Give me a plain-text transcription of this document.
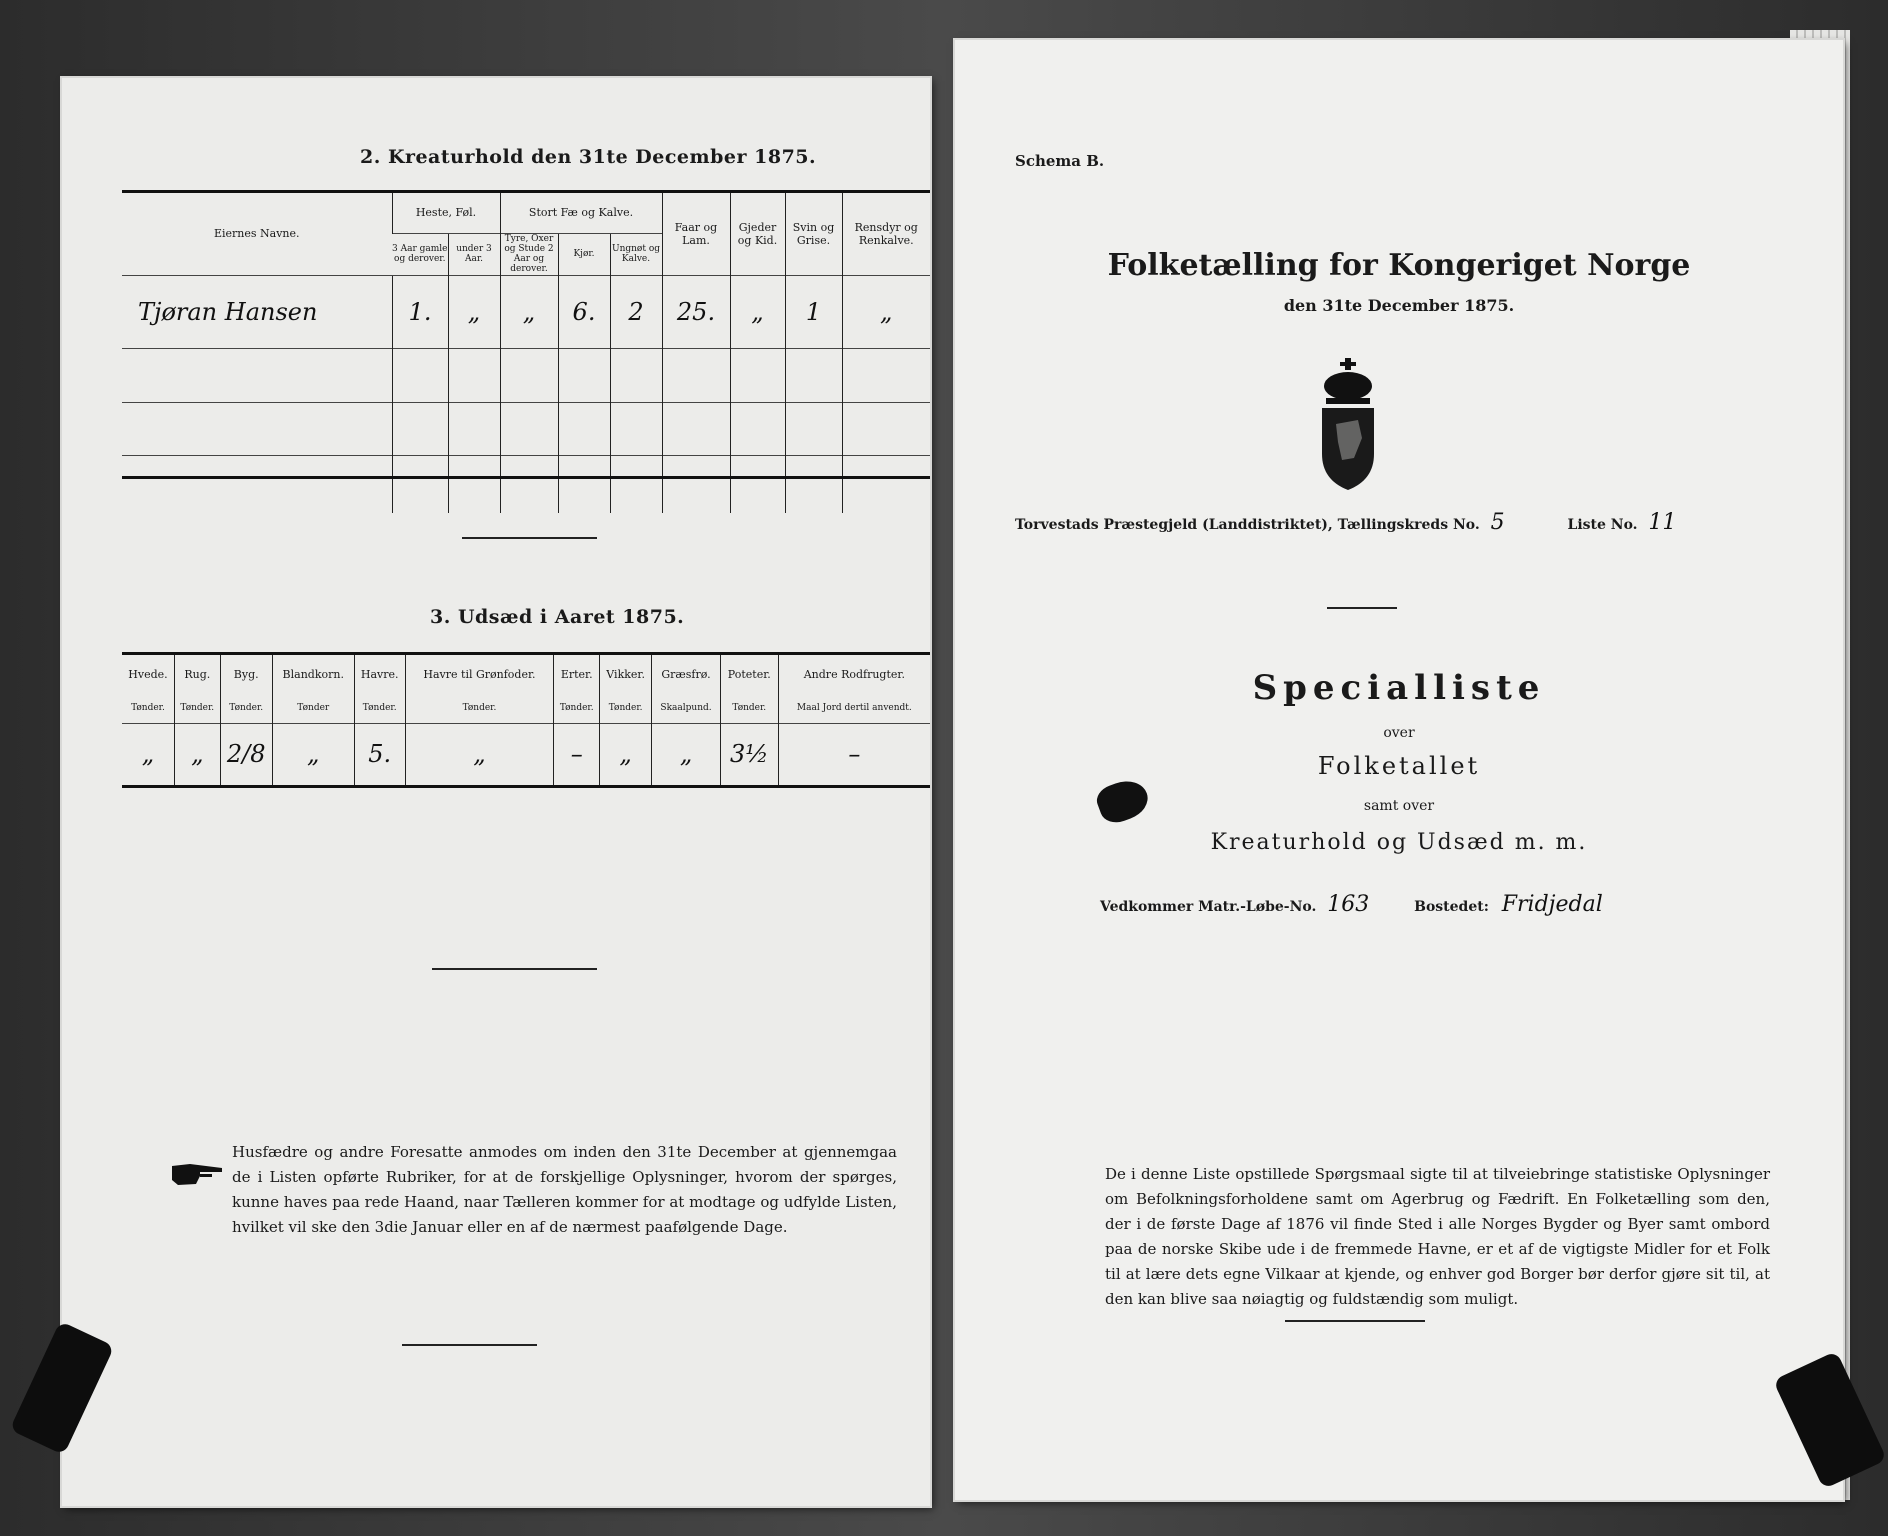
2. Kreaturhold den 31te December 1875.
Eiernes Navne.	Heste, Føl.		Stort Fæ og Kalve.			Faar og Lam.	Gjeder og Kid.	Svin og Grise.	Rensdyr og Renkalve.
	3 Aar gamle og derover.	under 3 Aar.	Tyre, Oxer og Stude 2 Aar og derover.	Kjør.	Ungnøt og Kalve.				
Tjøran Hansen	1.	„	„	6.	2	25.	„	1	„

3. Udsæd i Aaret 1875.
Hvede.	Rug.	Byg.	Blandkorn.	Havre.	Havre til Grønfoder.	Erter.	Vikker.	Græsfrø.	Poteter.	Andre Rodfrugter.
Tønder.	Tønder.	Tønder.	Tønder	Tønder.	Tønder.	Tønder.	Tønder.	Skaalpund.	Tønder.	Maal Jord dertil anvendt.
„	„	2/8	„	5.	„	–	„	„	3½	–
Husfædre og andre Foresatte anmodes om inden den 31te December at gjennemgaa de i Listen opførte Rubriker, for at de forskjellige Oplysninger, hvorom der spørges, kunne haves paa rede Haand, naar Tælleren kommer for at modtage og udfylde Listen, hvilket vil ske den 3die Januar eller en af de nærmest paafølgende Dage.

Schema B.
Folketælling for Kongeriget Norge
den 31te December 1875.
Torvestads Præstegjeld (Landdistriktet), Tællingskreds No. 5	Liste No. 11
Specialliste
over
Folketallet
samt over
Kreaturhold og Udsæd m. m.
Vedkommer Matr.-Løbe-No. 163	Bostedet: Fridjedal
De i denne Liste opstillede Spørgsmaal sigte til at tilveiebringe statistiske Oplysninger om Befolkningsforholdene samt om Agerbrug og Fædrift. En Folketælling som den, der i de første Dage af 1876 vil finde Sted i alle Norges Bygder og Byer samt ombord paa de norske Skibe ude i de fremmede Havne, er et af de vigtigste Midler for et Folk til at lære dets egne Vilkaar at kjende, og enhver god Borger bør derfor gjøre sit til, at den kan blive saa nøiagtig og fuldstændig som muligt.
